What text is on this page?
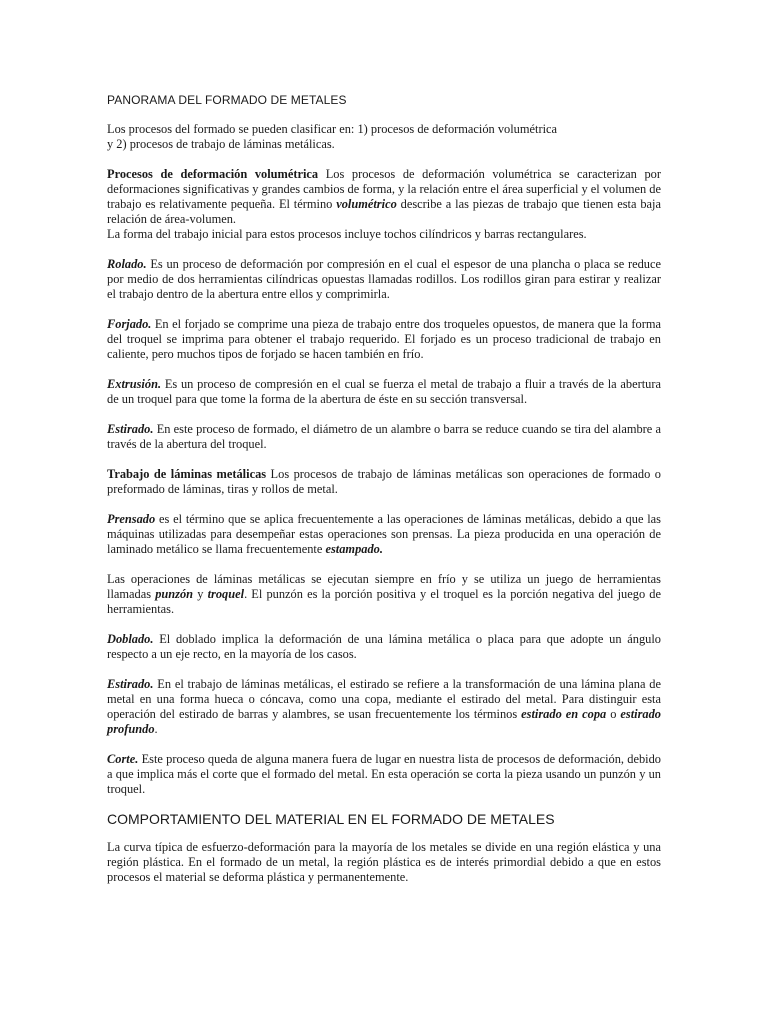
PANORAMA DEL FORMADO DE METALES

Los procesos del formado se pueden clasificar en: 1) procesos de deformación volumétrica
y 2) procesos de trabajo de láminas metálicas.

Procesos de deformación volumétrica Los procesos de deformación volumétrica se caracterizan por deformaciones significativas y grandes cambios de forma, y la relación entre el área superficial y el volumen de trabajo es relativamente pequeña. El término volumétrico describe a las piezas de trabajo que tienen esta baja relación de área-volumen.
La forma del trabajo inicial para estos procesos incluye tochos cilíndricos y barras rectangulares.

Rolado. Es un proceso de deformación por compresión en el cual el espesor de una plancha o placa se reduce por medio de dos herramientas cilíndricas opuestas llamadas rodillos. Los rodillos giran para estirar y realizar el trabajo dentro de la abertura entre ellos y comprimirla.

Forjado. En el forjado se comprime una pieza de trabajo entre dos troqueles opuestos, de manera que la forma del troquel se imprima para obtener el trabajo requerido. El forjado es un proceso tradicional de trabajo en caliente, pero muchos tipos de forjado se hacen también en frío.

Extrusión. Es un proceso de compresión en el cual se fuerza el metal de trabajo a fluir a través de la abertura de un troquel para que tome la forma de la abertura de éste en su sección transversal.

Estirado. En este proceso de formado, el diámetro de un alambre o barra se reduce cuando se tira del alambre a través de la abertura del troquel.

Trabajo de láminas metálicas Los procesos de trabajo de láminas metálicas son operaciones de formado o preformado de láminas, tiras y rollos de metal.

Prensado es el término que se aplica frecuentemente a las operaciones de láminas metálicas, debido a que las máquinas utilizadas para desempeñar estas operaciones son prensas. La pieza producida en una operación de laminado metálico se llama frecuentemente estampado.

Las operaciones de láminas metálicas se ejecutan siempre en frío y se utiliza un juego de herramientas llamadas punzón y troquel. El punzón es la porción positiva y el troquel es la porción negativa del juego de herramientas.

Doblado. El doblado implica la deformación de una lámina metálica o placa para que adopte un ángulo respecto a un eje recto, en la mayoría de los casos.

Estirado. En el trabajo de láminas metálicas, el estirado se refiere a la transformación de una lámina plana de metal en una forma hueca o cóncava, como una copa, mediante el estirado del metal. Para distinguir esta operación del estirado de barras y alambres, se usan frecuentemente los términos estirado en copa o estirado profundo.

Corte. Este proceso queda de alguna manera fuera de lugar en nuestra lista de procesos de deformación, debido a que implica más el corte que el formado del metal. En esta operación se corta la pieza usando un punzón y un troquel.

COMPORTAMIENTO DEL MATERIAL EN EL FORMADO DE METALES

La curva típica de esfuerzo-deformación para la mayoría de los metales se divide en una región elástica y una región plástica. En el formado de un metal, la región plástica es de interés primordial debido a que en estos procesos el material se deforma plástica y permanentemente.
